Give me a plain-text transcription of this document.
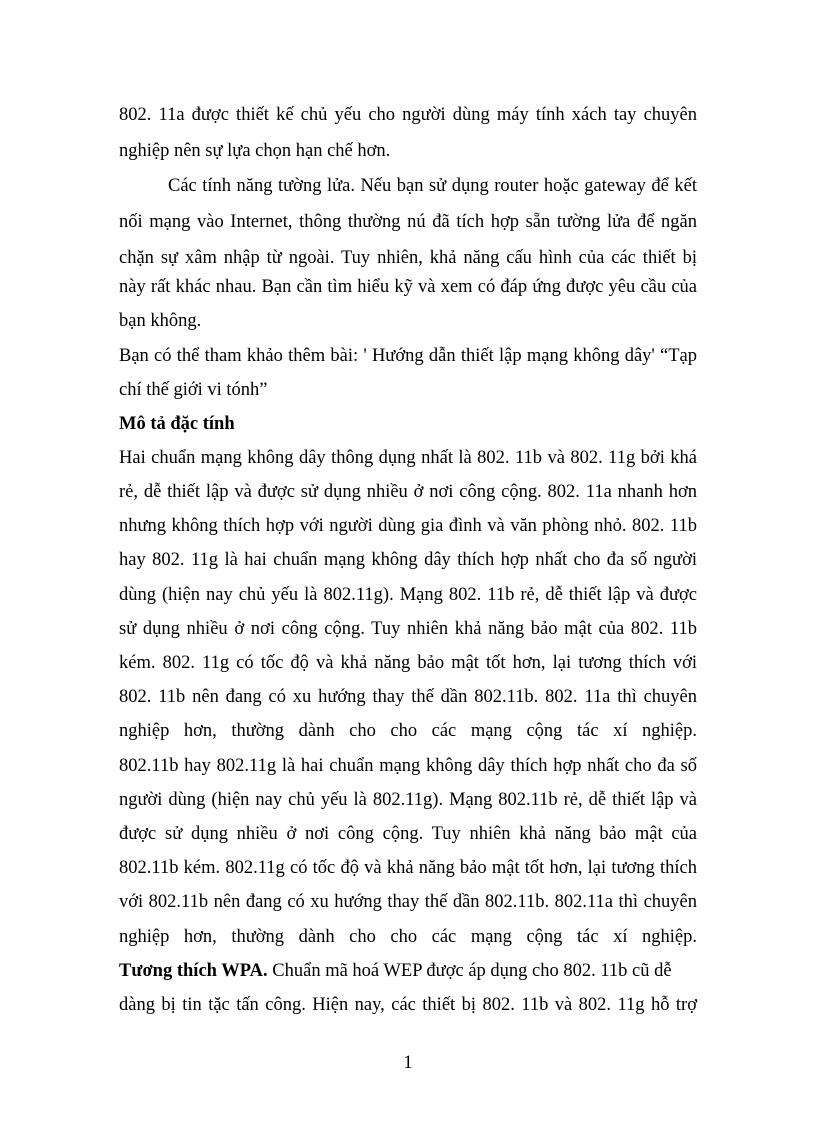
802. 11a được thiết kế chủ yếu cho người dùng máy tính xách tay chuyên
nghiệp nên sự lựa chọn hạn chế hơn.
Các tính năng tường lửa. Nếu bạn sử dụng router hoặc gateway để kết
nối mạng vào Internet, thông thường nú đã tích hợp sẵn tường lửa để ngăn
chặn sự xâm nhập từ ngoài. Tuy nhiên, khả năng cấu hình của các thiết bị
này rất khác nhau. Bạn cần tìm hiểu kỹ và xem có đáp ứng được yêu cầu của
bạn không.
Bạn có thể tham khảo thêm bài: ' Hướng dẫn thiết lập mạng không dây' “Tạp
chí thế giới vi tónh”
Mô tả đặc tính
Hai chuẩn mạng không dây thông dụng nhất là 802. 11b và 802. 11g bởi khá
rẻ, dễ thiết lập và được sử dụng nhiều ở nơi công cộng. 802. 11a nhanh hơn
nhưng không thích hợp với người dùng gia đình và văn phòng nhỏ. 802. 11b
hay 802. 11g là hai chuẩn mạng không dây thích hợp nhất cho đa số người
dùng (hiện nay chủ yếu là 802.11g). Mạng 802. 11b rẻ, dễ thiết lập và được
sử dụng nhiều ở nơi công cộng. Tuy nhiên khả năng bảo mật của 802. 11b
kém. 802. 11g có tốc độ và khả năng bảo mật tốt hơn, lại tương thích với
802. 11b nên đang có xu hướng thay thế dần 802.11b. 802. 11a thì chuyên
nghiệp hơn, thường dành cho cho các mạng cộng tác xí nghiệp.
802.11b hay 802.11g là hai chuẩn mạng không dây thích hợp nhất cho đa số
người dùng (hiện nay chủ yếu là 802.11g). Mạng 802.11b rẻ, dễ thiết lập và
được sử dụng nhiều ở nơi công cộng. Tuy nhiên khả năng bảo mật của
802.11b kém. 802.11g có tốc độ và khả năng bảo mật tốt hơn, lại tương thích
với 802.11b nên đang có xu hướng thay thế dần 802.11b. 802.11a thì chuyên
nghiệp hơn, thường dành cho cho các mạng cộng tác xí nghiệp.
Tương thích WPA. Chuẩn mã hoá WEP được áp dụng cho 802. 11b cũ dễ
dàng bị tin tặc tấn công. Hiện nay, các thiết bị 802. 11b và 802. 11g hỗ trợ
1
